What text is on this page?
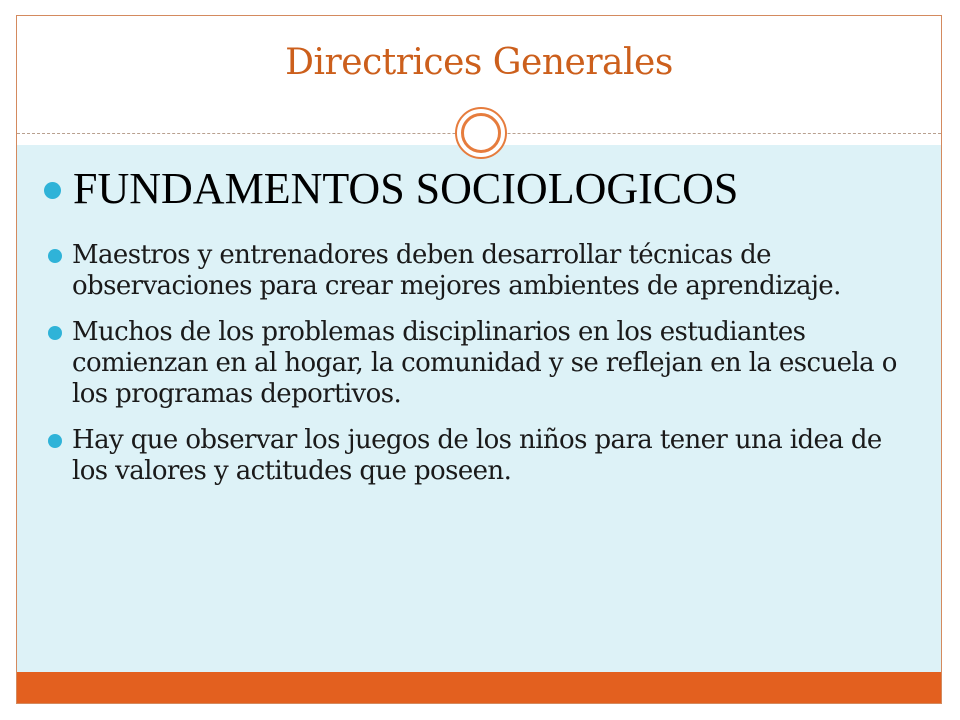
Directrices Generales
FUNDAMENTOS SOCIOLOGICOS
Maestros y entrenadores deben desarrollar técnicas de observaciones para crear mejores ambientes de aprendizaje.
Muchos de los problemas disciplinarios en los estudiantes comienzan en al hogar, la comunidad y se reflejan en la escuela o los programas deportivos.
Hay que observar los juegos de los niños para tener una idea de los valores y actitudes que poseen.
